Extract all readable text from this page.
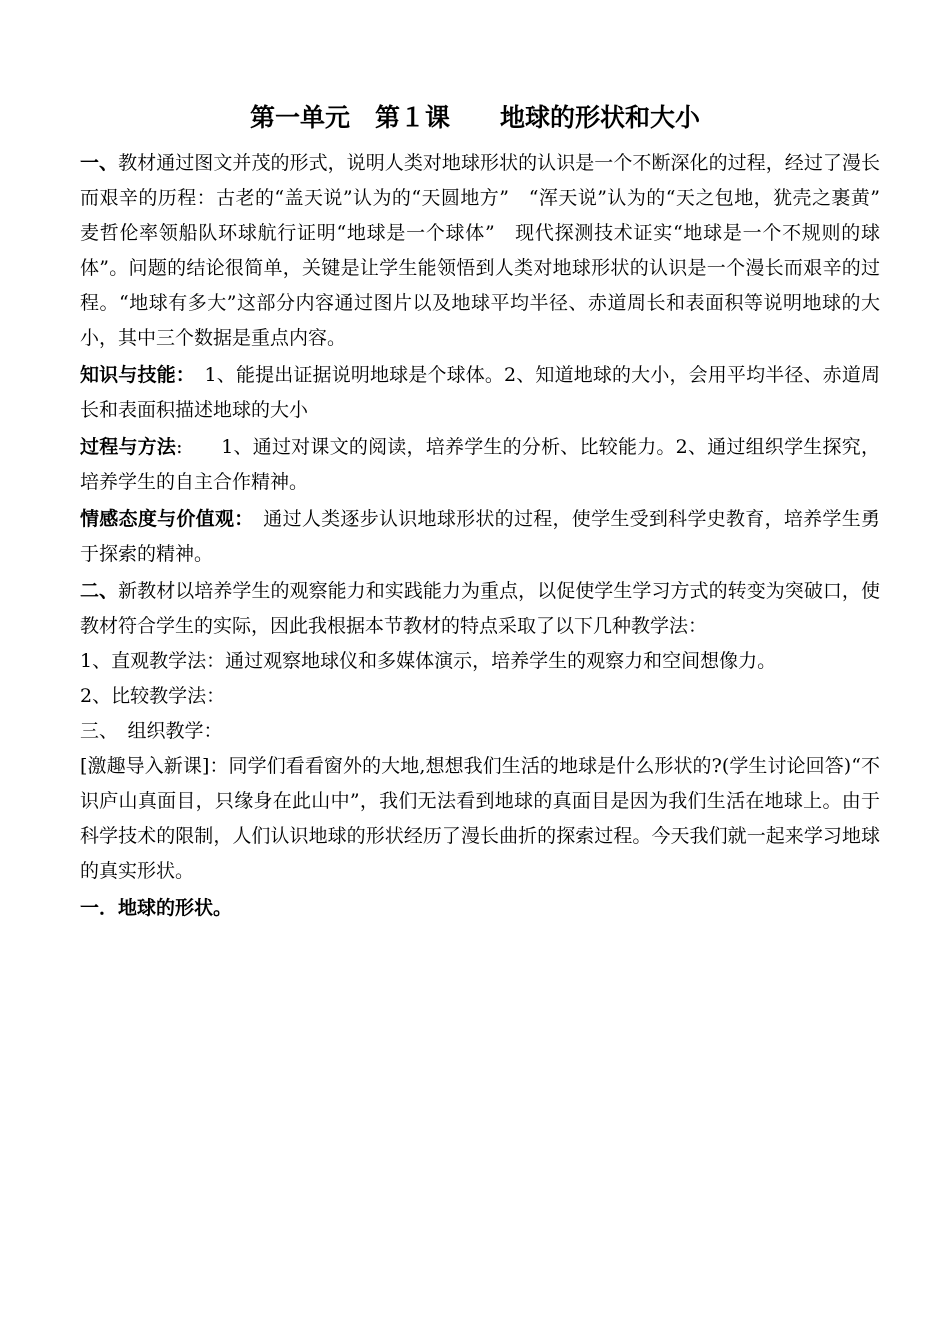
第一单元　第１课　　地球的形状和大小

一、教材通过图文并茂的形式，说明人类对地球形状的认识是一个不断深化的过程，经过了漫长而艰辛的历程：古老的“盖天说”认为的“天圆地方”　“浑天说”认为的“天之包地，犹壳之裹黄”　麦哲伦率领船队环球航行证明“地球是一个球体”　现代探测技术证实“地球是一个不规则的球体”。问题的结论很简单，关键是让学生能领悟到人类对地球形状的认识是一个漫长而艰辛的过程。“地球有多大”这部分内容通过图片以及地球平均半径、赤道周长和表面积等说明地球的大小，其中三个数据是重点内容。

知识与技能：　1、能提出证据说明地球是个球体。2、知道地球的大小，会用平均半径、赤道周长和表面积描述地球的大小

过程与方法:　　1、通过对课文的阅读，培养学生的分析、比较能力。2、通过组织学生探究，培养学生的自主合作精神。

情感态度与价值观：　通过人类逐步认识地球形状的过程，使学生受到科学史教育，培养学生勇于探索的精神。

二、新教材以培养学生的观察能力和实践能力为重点，以促使学生学习方式的转变为突破口，使教材符合学生的实际，因此我根据本节教材的特点采取了以下几种教学法：

1、直观教学法：通过观察地球仪和多媒体演示，培养学生的观察力和空间想像力。

2、比较教学法：

三、　组织教学：

[激趣导入新课]：同学们看看窗外的大地,想想我们生活的地球是什么形状的?(学生讨论回答)“不识庐山真面目，只缘身在此山中”，我们无法看到地球的真面目是因为我们生活在地球上。由于科学技术的限制，人们认识地球的形状经历了漫长曲折的探索过程。今天我们就一起来学习地球的真实形状。

一．地球的形状。
